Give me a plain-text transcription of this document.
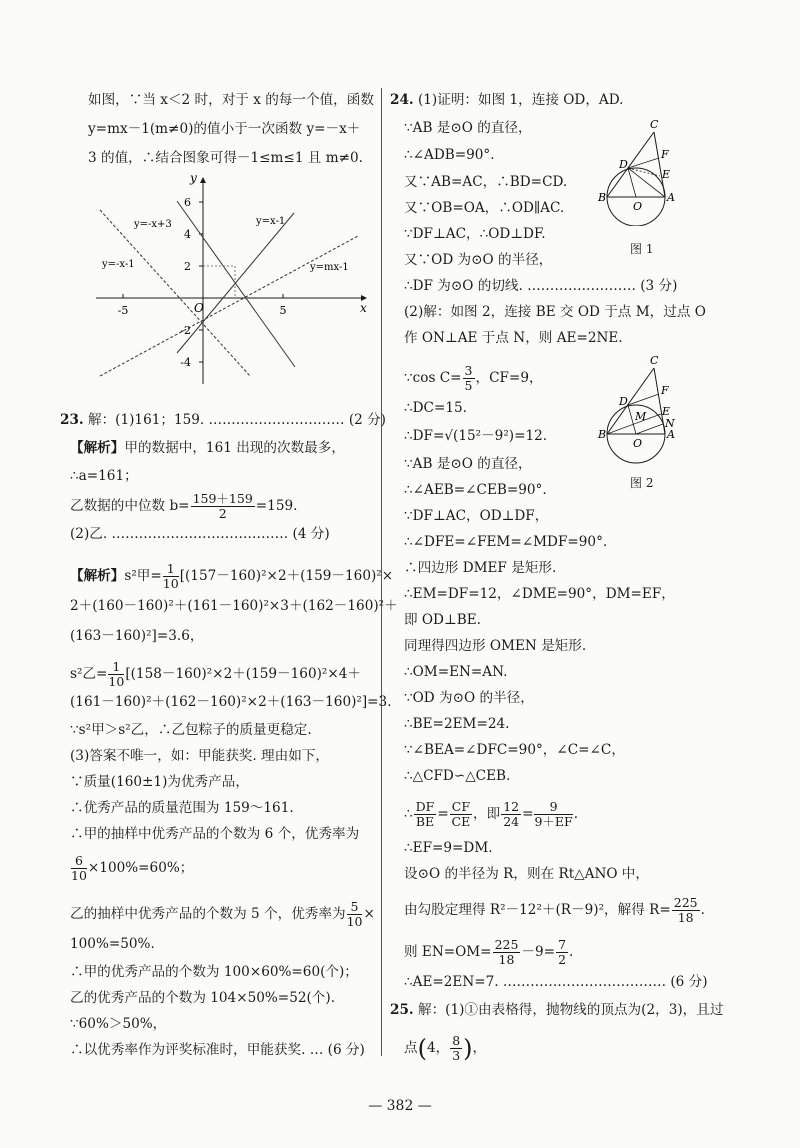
如图，∵当 x＜2 时，对于 x 的每一个值，函数
y=mx－1(m≠0)的值小于一次函数 y=－x＋
3 的值，∴结合图象可得－1≤m≤1 且 m≠0.
y
x
O
6
4
2
-2
-4
-5	5
y=-x+3	y=x-1
y=-x-1	y=mx-1
23. 解：(1)161；159. ………………………… (2 分)
【解析】甲的数据中，161 出现的次数最多，
∴a=161；
乙数据的中位数 $b= \frac{159+159}{2} =159$.
(2)乙. ………………………………… (4 分)
【解析】s²甲= $\frac{1}{10} [(157-160)^2\times 2+(159-160)^2\times$
2＋(160－160)²＋(161－160)²×3＋(162－160)²＋
(163－160)²]=3.6，
s²乙= $\frac{1}{10} [(158-160)^2\times 2+(159-160)^2\times 4+$
(161－160)²＋(162－160)²×2＋(163－160)²]=3.
∵s²甲＞s²乙，∴乙包粽子的质量更稳定.
(3)答案不唯一，如：甲能获奖. 理由如下，
∵质量(160±1)为优秀产品，
∴优秀产品的质量范围为 159～161.
∴甲的抽样中优秀产品的个数为 6 个，优秀率为
$\frac{6}{10} \times 100\%=60\%$；
乙的抽样中优秀产品的个数为 5 个，优秀率为 $\frac{5}{10}$ ×
100%=50%.
∴甲的优秀产品的个数为 100×60%=60(个)；
乙的优秀产品的个数为 104×50%=52(个).
∵60%＞50%，
∴以优秀率作为评奖标准时，甲能获奖. … (6 分)
24. (1)证明：如图 1，连接 OD，AD.
∵AB 是⊙O 的直径，
∴∠ADB=90°.
又∵AB=AC，∴BD=CD.
又∵OB=OA，∴OD∥AC.
∵DF⊥AC，∴OD⊥DF.
又∵OD 为⊙O 的半径，
∴DF 为⊙O 的切线. …………………… (3 分)
(2)解：如图 2，连接 BE 交 OD 于点 M，过点 O
作 ON⊥AE 于点 N，则 AE=2NE.
∵cos $C= \frac{3}{5}$ ，CF=9，
∴DC=15.
∴DF=√(15²－9²)=12.
∵AB 是⊙O 的直径，
∴∠AEB=∠CEB=90°.
∵DF⊥AC，OD⊥DF，
∴∠DFE=∠FEM=∠MDF=90°.
∴四边形 DMEF 是矩形.
∴EM=DF=12，∠DME=90°，DM=EF，
即 OD⊥BE.
同理得四边形 OMEN 是矩形.
∴OM=EN=AN.
∵OD 为⊙O 的半径，
∴BE=2EM=24.
∵∠BEA=∠DFC=90°，∠C=∠C，
∴△CFD∽△CEB.
∴ $\frac{DF}{BE} = \frac{CF}{CE}$ ，即 $\frac{12}{24} = \frac{9}{9+EF}$ .
∴EF=9=DM.
设⊙O 的半径为 R，则在 Rt△ANO 中，
由勾股定理得 R²－12²＋(R－9)²，解得 $R= \frac{225}{18}$ .
则 $EN=OM= \frac{225}{18} -9= \frac{7}{2}$ .
∴AE=2EN=7. ……………………………… (6 分)
25. 解：(1)①由表格得，抛物线的顶点为(2，3)，且过
点(4， $\frac{8}{3}$ )，
C
D
F
E
B
O
A
图 1
C
D
F
M E
N
B
O
A
图 2
— 382 —
